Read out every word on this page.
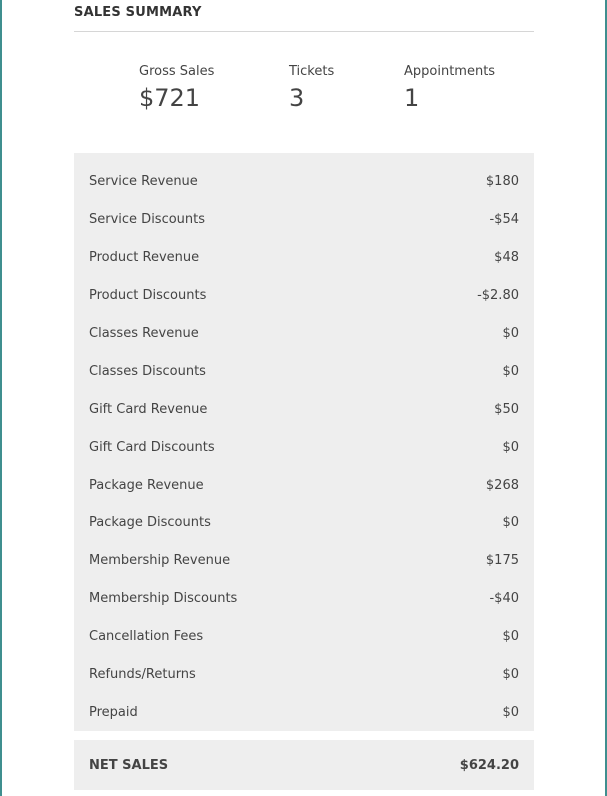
SALES SUMMARY
Gross Sales
$721
Tickets
3
Appointments
1
Service Revenue	$180
Service Discounts	-$54
Product Revenue	$48
Product Discounts	-$2.80
Classes Revenue	$0
Classes Discounts	$0
Gift Card Revenue	$50
Gift Card Discounts	$0
Package Revenue	$268
Package Discounts	$0
Membership Revenue	$175
Membership Discounts	-$40
Cancellation Fees	$0
Refunds/Returns	$0
Prepaid	$0
NET SALES	$624.20
